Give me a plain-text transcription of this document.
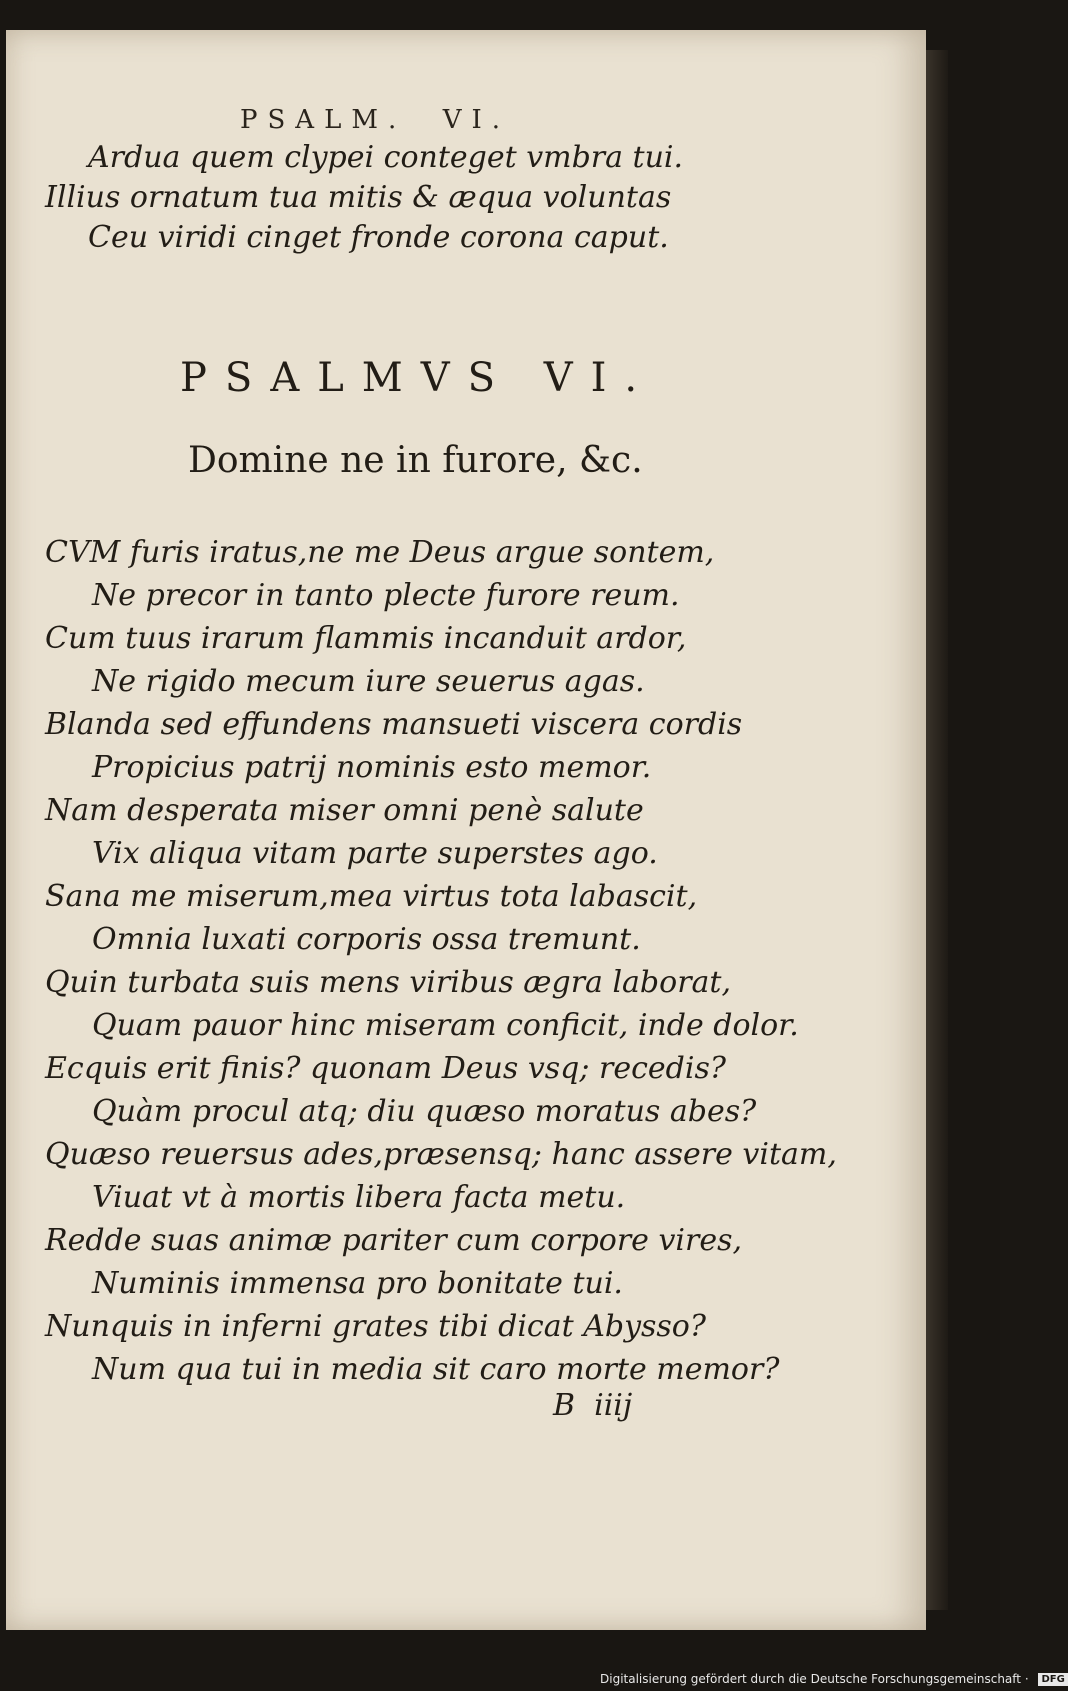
PSALM.  VI.
Ardua quem clypei conteget vmbra tui.
Illius ornatum tua mitis & æqua voluntas
Ceu viridi cinget fronde corona caput.
PSALMVS VI.
Domine ne in furore, &c.
CVM furis iratus,ne me Deus argue sontem,
Ne precor in tanto plecte furore reum.
Cum tuus irarum flammis incanduit ardor,
Ne rigido mecum iure seuerus agas.
Blanda sed effundens mansueti viscera cordis
Propicius patrij nominis esto memor.
Nam desperata miser omni penè salute
Vix aliqua vitam parte superstes ago.
Sana me miserum,mea virtus tota labascit,
Omnia luxati corporis ossa tremunt.
Quin turbata suis mens viribus ægra laborat,
Quam pauor hinc miseram conficit, inde dolor.
Ecquis erit finis? quonam Deus vsq; recedis?
Quàm procul atq; diu quæso moratus abes?
Quæso reuersus ades,præsensq; hanc assere vitam,
Viuat vt à mortis libera facta metu.
Redde suas animæ pariter cum corpore vires,
Numinis immensa pro bonitate tui.
Nunquis in inferni grates tibi dicat Abysso?
Num qua tui in media sit caro morte memor?
B  iiij
Digitalisierung gefördert durch die Deutsche Forschungsgemeinschaft · DFG
